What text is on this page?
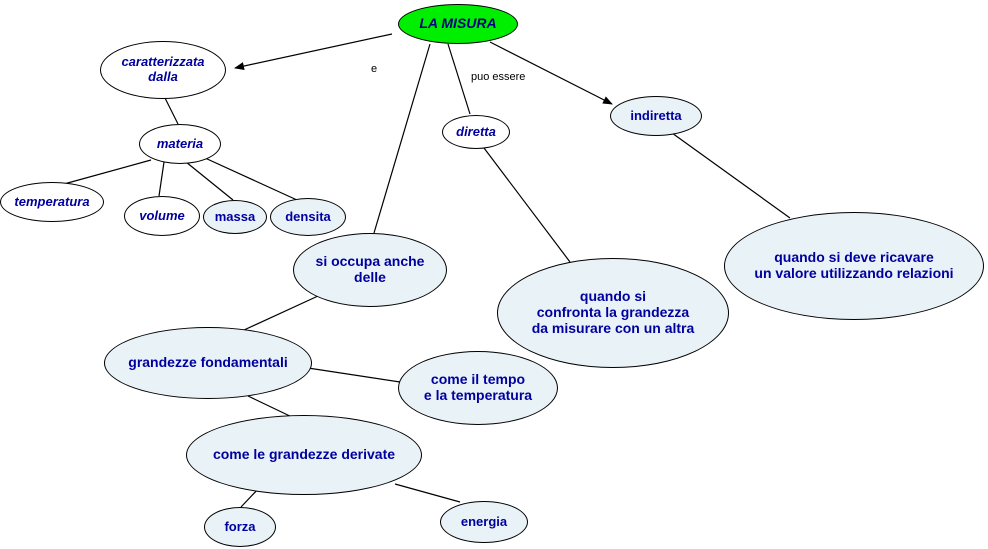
LA MISURA
caratterizzata
dalla
materia
temperatura
volume	massa	densita
diretta
indiretta
quando si deve ricavare
un valore utilizzando relazioni
quando si
confronta la grandezza
da misurare con un altra
si occupa anche
delle
grandezze fondamentali
come il tempo
e la temperatura
come le grandezze derivate
forza	energia
e
puo essere
